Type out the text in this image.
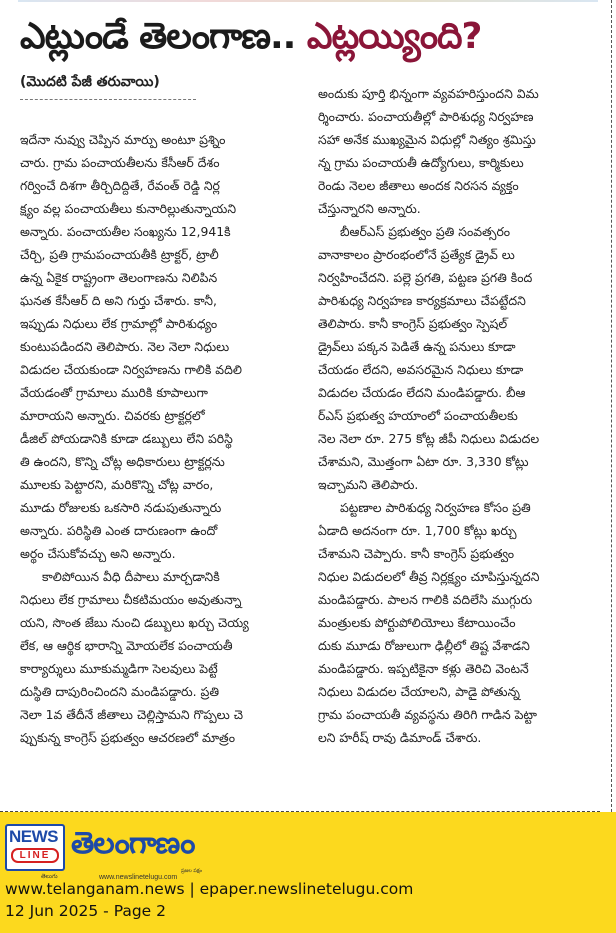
ఎట్లుండే తెలంగాణ.. ఎట్లయ్యింది?
(మొదటి పేజీ తరువాయి)

ఇదేనా నువ్వు చెప్పిన మార్పు అంటూ ప్రశ్నిం
చారు. గ్రామ పంచాయతీలను కేసీఆర్ దేశం
గర్వించే దిశగా తీర్చిదిద్దితే, రేవంత్ రెడ్డి నిర్ల
క్ష్యం వల్ల పంచాయతీలు కునారిల్లుతున్నాయని
అన్నారు. పంచాయతీల సంఖ్యను 12,941కి
చేర్చి, ప్రతి గ్రామపంచాయతీకి ట్రాక్టర్, ట్రాలీ
ఉన్న ఏకైక రాష్ట్రంగా తెలంగాణను నిలిపిన
ఘనత కేసీఆర్ ది అని గుర్తు చేశారు. కానీ,
ఇప్పుడు నిధులు లేక గ్రామాల్లో పారిశుధ్యం
కుంటుపడిందని తెలిపారు. నెల నెలా నిధులు
విడుదల చేయకుండా నిర్వహణను గాలికి వదిలి
వేయడంతో గ్రామాలు మురికి కూపాలుగా
మారాయని అన్నారు. చివరకు ట్రాక్టర్లలో
డీజిల్ పోయడానికి కూడా డబ్బులు లేని పరిస్థి
తి ఉందని, కొన్ని చోట్ల అధికారులు ట్రాక్టర్లను
మూలకు పెట్టారని, మరికొన్ని చోట్ల వారం,
మూడు రోజులకు ఒకసారి నడుపుతున్నారు
అన్నారు. పరిస్థితి ఎంత దారుణంగా ఉందో
అర్థం చేసుకోవచ్చు అని అన్నారు.

కాలిపోయిన వీధి దీపాలు మార్చడానికి
నిధులు లేక గ్రామాలు చీకటిమయం అవుతున్నా
యని, సొంత జేబు నుంచి డబ్బులు ఖర్చు చెయ్య
లేక, ఆ ఆర్థిక భారాన్ని మోయలేక పంచాయతీ
కార్యార్శులు మూకుమ్మడిగా సెలవులు పెట్టే
దుస్థితి దాపురించిందని మండిపడ్డారు. ప్రతి
నెలా 1వ తేదీనే జీతాలు చెల్లిస్తామని గొప్పలు చె
ప్పుకున్న కాంగ్రెస్ ప్రభుత్వం ఆచరణలో మాత్రం

అందుకు పూర్తి భిన్నంగా వ్యవహరిస్తుందని విమ
ర్శించారు. పంచాయతీల్లో పారిశుధ్య నిర్వహణ
సహా అనేక ముఖ్యమైన విధుల్లో నిత్యం శ్రమిస్తు
న్న గ్రామ పంచాయతీ ఉద్యోగులు, కార్మికులు
రెండు నెలల జీతాలు అందక నిరసన వ్యక్తం
చేస్తున్నారని అన్నారు.

బీఆర్ఎస్ ప్రభుత్వం ప్రతి సంవత్సరం
వానాకాలం ప్రారంభంలోనే ప్రత్యేక డ్రైవ్ లు
నిర్వహించేదని. పల్లె ప్రగతి, పట్టణ ప్రగతి కింద
పారిశుధ్య నిర్వహణ కార్యక్రమాలు చేపట్టేదని
తెలిపారు. కానీ కాంగ్రెస్ ప్రభుత్వం స్పెషల్
డ్రైవ్‌లు పక్కన పెడితే ఉన్న పనులు కూడా
చేయడం లేదని, అవసరమైన నిధులు కూడా
విడుదల చేయడం లేదని మండిపడ్డారు. బీఆ
ర్ఎస్ ప్రభుత్వ హయాంలో పంచాయతీలకు
నెల నెలా రూ. 275 కోట్ల జీపీ నిధులు విడుదల
చేశామని, మొత్తంగా ఏటా రూ. 3,330 కోట్లు
ఇచ్చామని తెలిపారు.

పట్టణాల పారిశుధ్య నిర్వహణ కోసం ప్రతి
ఏడాది అదనంగా రూ. 1,700 కోట్లు ఖర్చు
చేశామని చెప్పారు. కానీ కాంగ్రెస్ ప్రభుత్వం
నిధుల విడుదలలో తీవ్ర నిర్లక్ష్యం చూపిస్తున్నదని
మండిపడ్డారు. పాలన గాలికి వదిలేసి ముగ్గురు
మంత్రులకు పోర్టుపోలియోలు కేటాయించేం
దుకు మూడు రోజులుగా ఢిల్లీలో తిష్ట వేశాడని
మండిపడ్డారు. ఇప్పటికైనా కళ్లు తెరిచి వెంటనే
నిధులు విడుదల చేయాలని, పాడై పోతున్న
గ్రామ పంచాయతీ వ్యవస్థను తిరిగి గాడిన పెట్టా
లని హరీష్ రావు డిమాండ్ చేశారు.

NEWS
LINE
తెలుగు
తెలంగాణం
ప్రజల పక్షం
www.newslinetelugu.com
www.telanganam.news | epaper.newslinetelugu.com
12 Jun 2025 - Page 2
